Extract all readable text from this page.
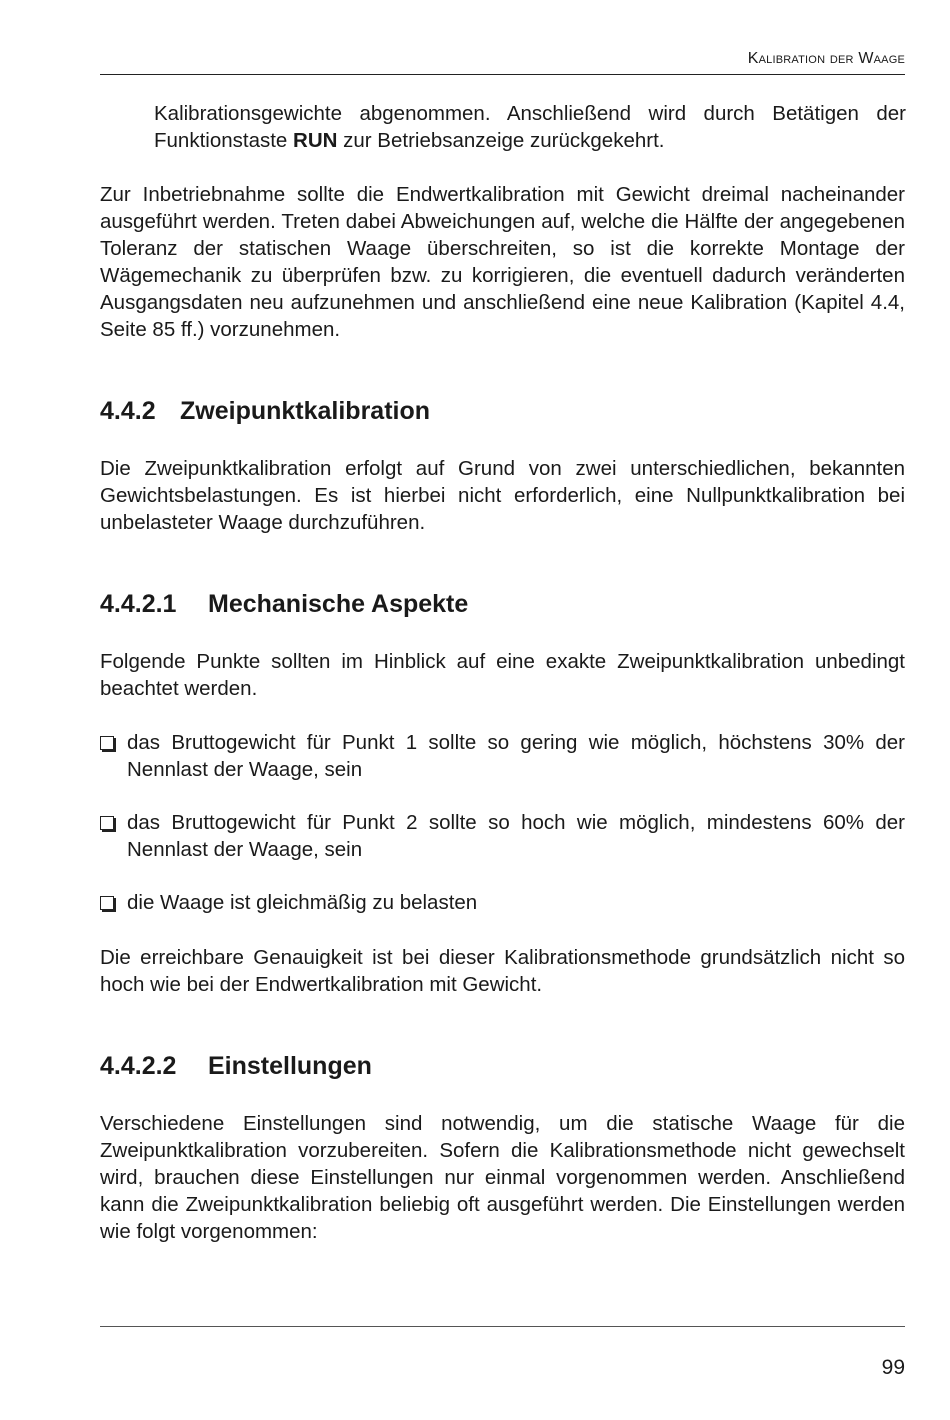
Kalibration der Waage
Kalibrationsgewichte abgenommen. Anschließend wird durch Betätigen der Funktionstaste RUN zur Betriebsanzeige zurückgekehrt.
Zur Inbetriebnahme sollte die Endwertkalibration mit Gewicht dreimal nacheinander ausgeführt werden. Treten dabei Abweichungen auf, welche die Hälfte der angegebenen Toleranz der statischen Waage überschreiten, so ist die korrekte Montage der Wägemechanik zu überprüfen bzw. zu korrigieren, die eventuell dadurch veränderten Ausgangsdaten neu aufzunehmen und anschließend eine neue Kalibration (Kapitel 4.4, Seite 85 ff.) vorzunehmen.
4.4.2 Zweipunktkalibration
Die Zweipunktkalibration erfolgt auf Grund von zwei unterschiedlichen, bekannten Gewichtsbelastungen. Es ist hierbei nicht erforderlich, eine Nullpunktkalibration bei unbelasteter Waage durchzuführen.
4.4.2.1 Mechanische Aspekte
Folgende Punkte sollten im Hinblick auf eine exakte Zweipunktkalibration unbedingt beachtet werden.
das Bruttogewicht für Punkt 1 sollte so gering wie möglich, höchstens 30% der Nennlast der Waage, sein
das Bruttogewicht für Punkt 2 sollte so hoch wie möglich, mindestens 60% der Nennlast der Waage, sein
die Waage ist gleichmäßig zu belasten
Die erreichbare Genauigkeit ist bei dieser Kalibrationsmethode grundsätzlich nicht so hoch wie bei der Endwertkalibration mit Gewicht.
4.4.2.2 Einstellungen
Verschiedene Einstellungen sind notwendig, um die statische Waage für die Zweipunktkalibration vorzubereiten. Sofern die Kalibrationsmethode nicht gewechselt wird, brauchen diese Einstellungen nur einmal vorgenommen werden. Anschließend kann die Zweipunktkalibration beliebig oft ausgeführt werden. Die Einstellungen werden wie folgt vorgenommen:
99
